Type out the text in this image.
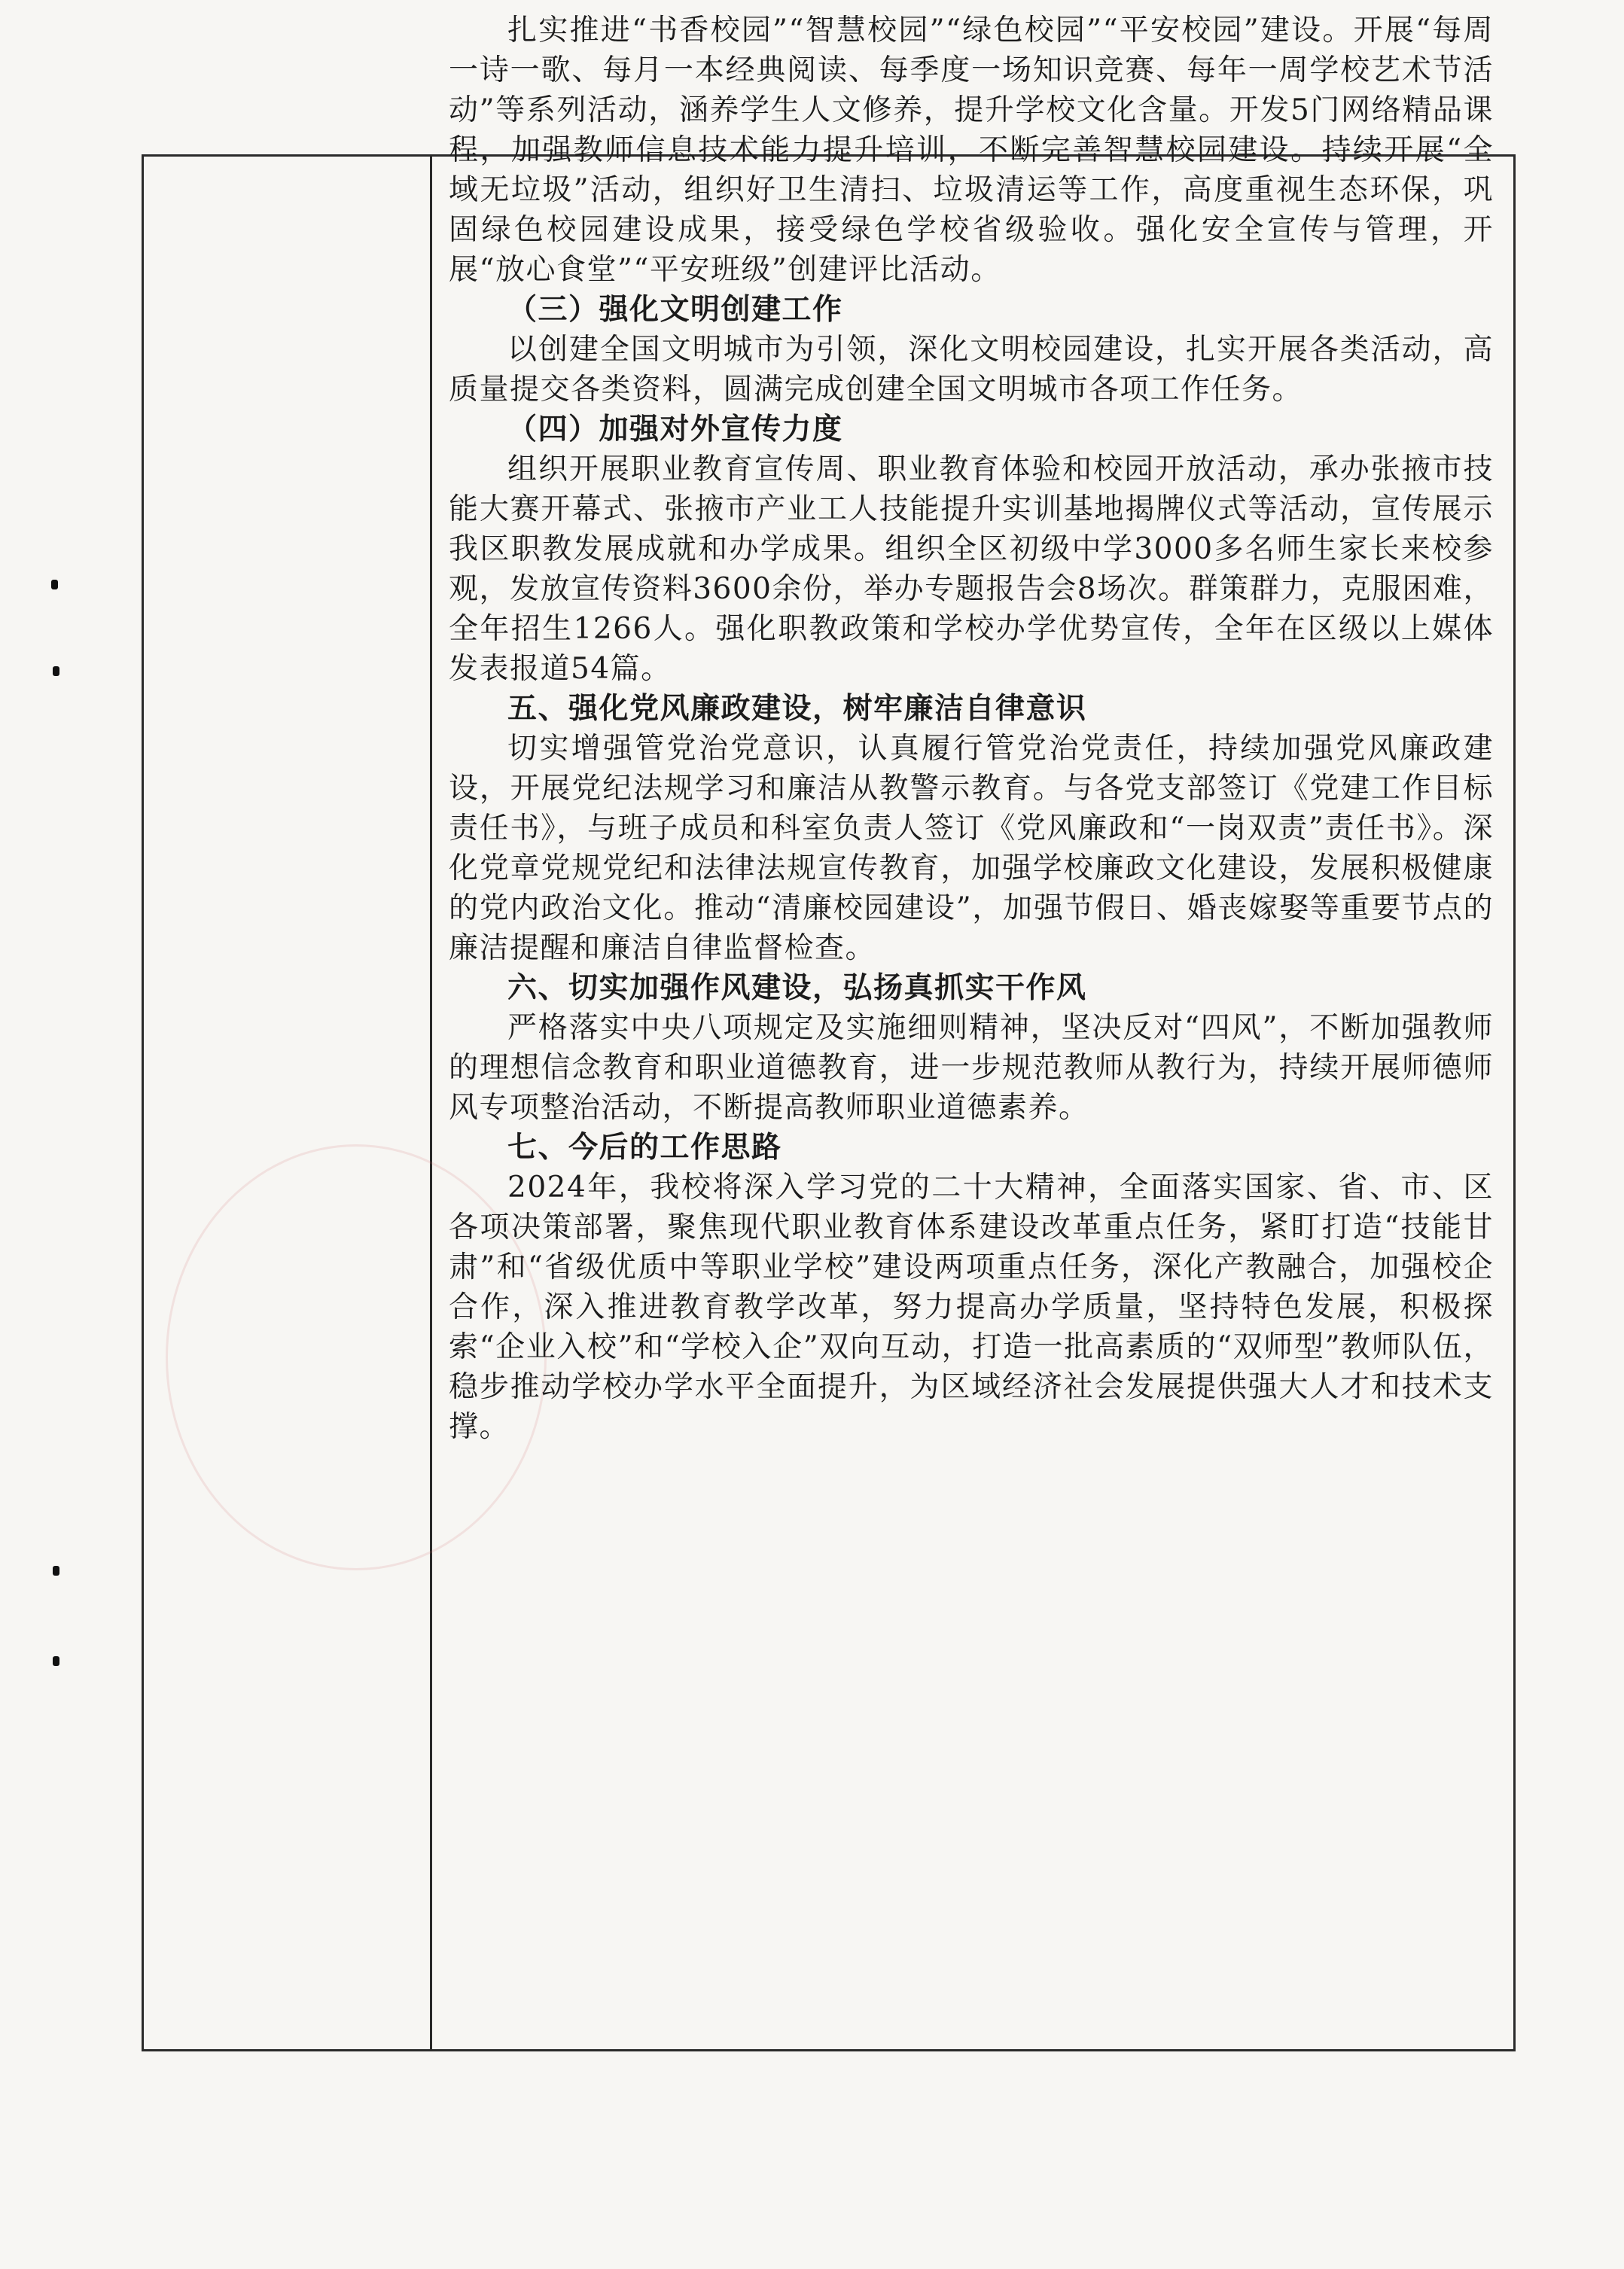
扎实推进“书香校园”“智慧校园”“绿色校园”“平安校园”建设。开展“每周一诗一歌、每月一本经典阅读、每季度一场知识竞赛、每年一周学校艺术节活动”等系列活动，涵养学生人文修养，提升学校文化含量。开发5门网络精品课程，加强教师信息技术能力提升培训，不断完善智慧校园建设。持续开展“全域无垃圾”活动，组织好卫生清扫、垃圾清运等工作，高度重视生态环保，巩固绿色校园建设成果，接受绿色学校省级验收。强化安全宣传与管理，开展“放心食堂”“平安班级”创建评比活动。

（三）强化文明创建工作

以创建全国文明城市为引领，深化文明校园建设，扎实开展各类活动，高质量提交各类资料，圆满完成创建全国文明城市各项工作任务。

（四）加强对外宣传力度

组织开展职业教育宣传周、职业教育体验和校园开放活动，承办张掖市技能大赛开幕式、张掖市产业工人技能提升实训基地揭牌仪式等活动，宣传展示我区职教发展成就和办学成果。组织全区初级中学3000多名师生家长来校参观，发放宣传资料3600余份，举办专题报告会8场次。群策群力，克服困难，全年招生1266人。强化职教政策和学校办学优势宣传，全年在区级以上媒体发表报道54篇。

五、强化党风廉政建设，树牢廉洁自律意识

切实增强管党治党意识，认真履行管党治党责任，持续加强党风廉政建设，开展党纪法规学习和廉洁从教警示教育。与各党支部签订《党建工作目标责任书》，与班子成员和科室负责人签订《党风廉政和“一岗双责”责任书》。深化党章党规党纪和法律法规宣传教育，加强学校廉政文化建设，发展积极健康的党内政治文化。推动“清廉校园建设”，加强节假日、婚丧嫁娶等重要节点的廉洁提醒和廉洁自律监督检查。

六、切实加强作风建设，弘扬真抓实干作风

严格落实中央八项规定及实施细则精神，坚决反对“四风”，不断加强教师的理想信念教育和职业道德教育，进一步规范教师从教行为，持续开展师德师风专项整治活动，不断提高教师职业道德素养。

七、今后的工作思路

2024年，我校将深入学习党的二十大精神，全面落实国家、省、市、区各项决策部署，聚焦现代职业教育体系建设改革重点任务，紧盯打造“技能甘肃”和“省级优质中等职业学校”建设两项重点任务，深化产教融合，加强校企合作，深入推进教育教学改革，努力提高办学质量，坚持特色发展，积极探索“企业入校”和“学校入企”双向互动，打造一批高素质的“双师型”教师队伍，稳步推动学校办学水平全面提升，为区域经济社会发展提供强大人才和技术支撑。
